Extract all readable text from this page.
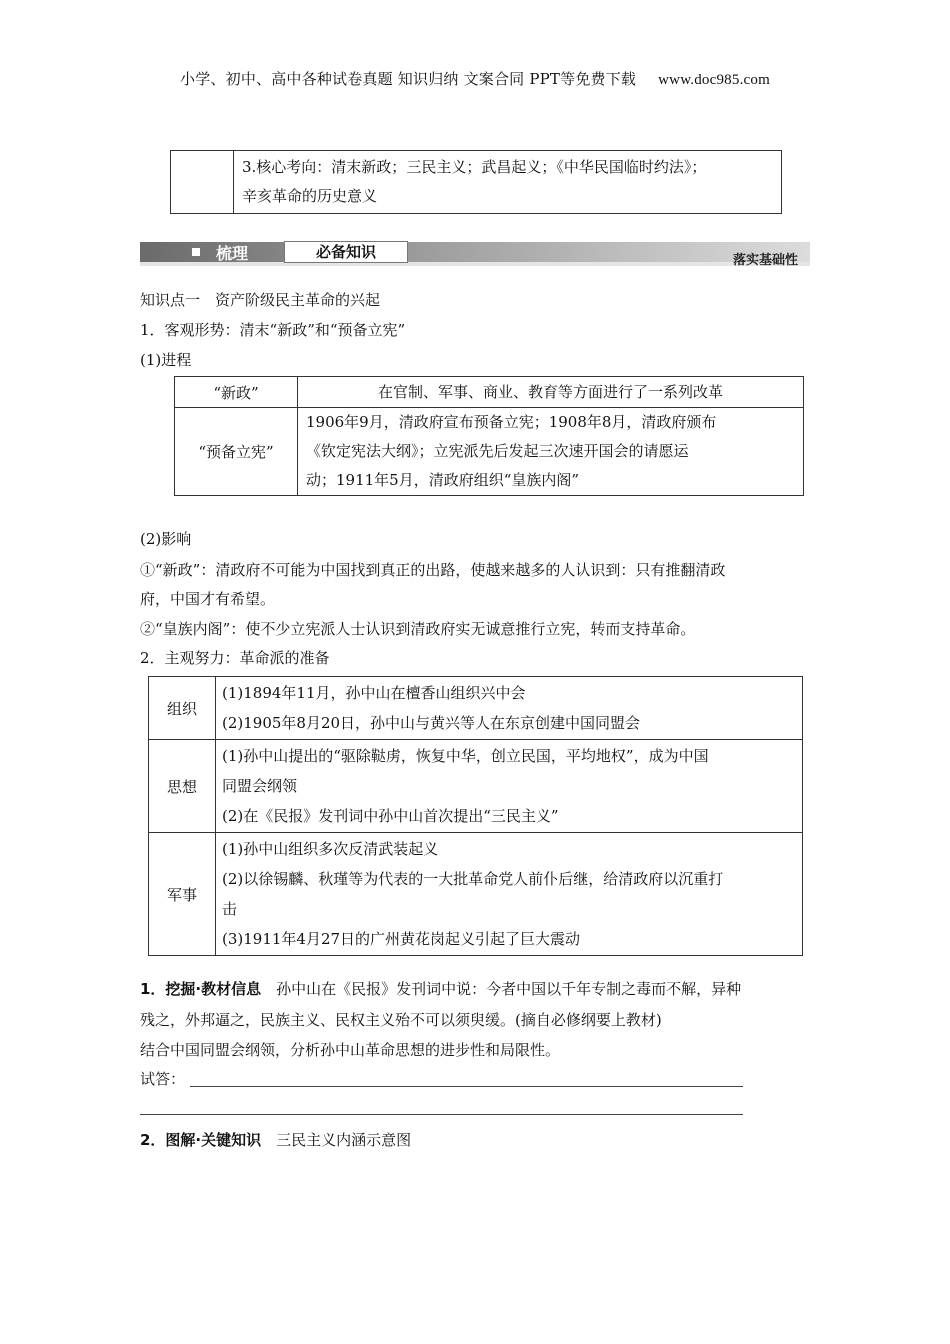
小学、初中、高中各种试卷真题 知识归纳 文案合同 PPT等免费下载 www.doc985.com

3.核心考向：清末新政；三民主义；武昌起义；《中华民国临时约法》；
辛亥革命的历史意义
梳理	必备知识	落实基础性
知识点一　资产阶级民主革命的兴起
1．客观形势：清末“新政”和“预备立宪”
(1)进程
“新政”	在官制、军事、商业、教育等方面进行了一系列改革
“预备立宪”	1906年9月，清政府宣布预备立宪；1908年8月，清政府颁布
《钦定宪法大纲》；立宪派先后发起三次速开国会的请愿运
动；1911年5月，清政府组织“皇族内阁”
(2)影响
①“新政”：清政府不可能为中国找到真正的出路，使越来越多的人认识到：只有推翻清政
府，中国才有希望。
②“皇族内阁”：使不少立宪派人士认识到清政府实无诚意推行立宪，转而支持革命。
2．主观努力：革命派的准备
组织	(1)1894年11月，孙中山在檀香山组织兴中会
(2)1905年8月20日，孙中山与黄兴等人在东京创建中国同盟会

思想	(1)孙中山提出的“驱除鞑虏，恢复中华，创立民国，平均地权”，成为中国
同盟会纲领
(2)在《民报》发刊词中孙中山首次提出“三民主义”

军事	(1)孙中山组织多次反清武装起义
(2)以徐锡麟、秋瑾等为代表的一大批革命党人前仆后继，给清政府以沉重打
击
(3)1911年4月27日的广州黄花岗起义引起了巨大震动
1．挖掘·教材信息　孙中山在《民报》发刊词中说：今者中国以千年专制之毒而不解，异种
残之，外邦逼之，民族主义、民权主义殆不可以须臾缓。(摘自必修纲要上教材)
结合中国同盟会纲领，分析孙中山革命思想的进步性和局限性。
试答：
2．图解·关键知识　三民主义内涵示意图
